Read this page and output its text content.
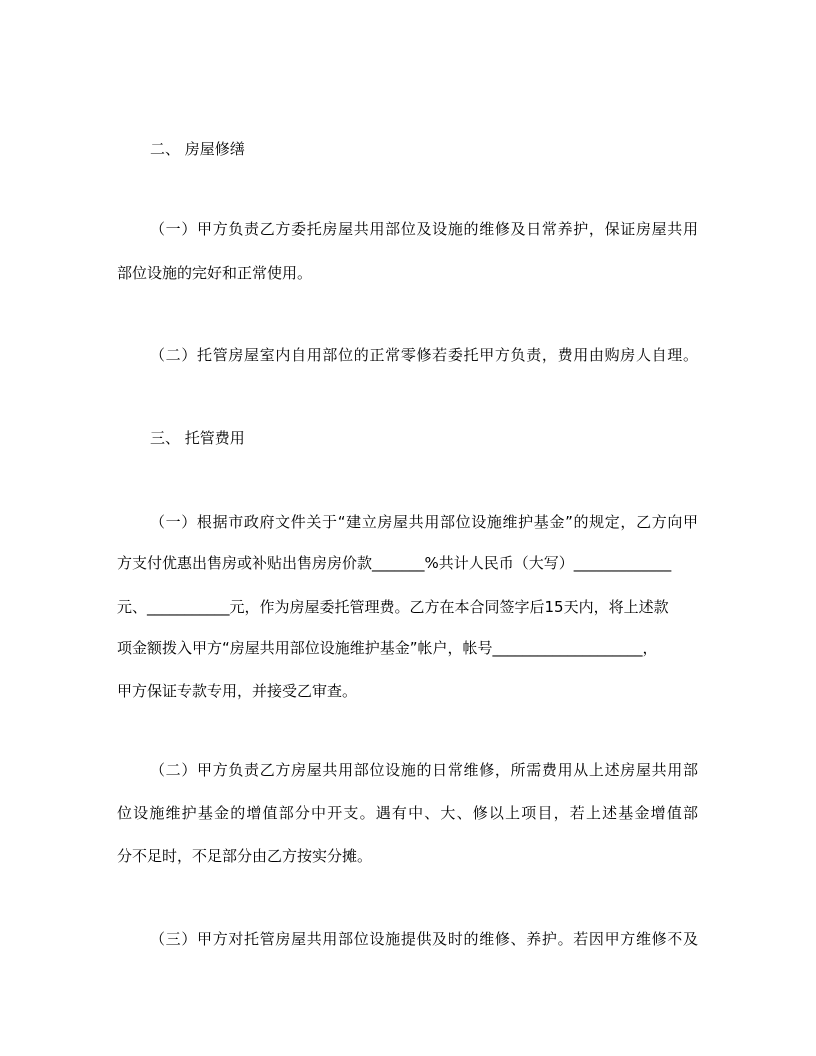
二、 房屋修缮
（一）甲方负责乙方委托房屋共用部位及设施的维修及日常养护，保证房屋共用
部位设施的完好和正常使用。
（二）托管房屋室内自用部位的正常零修若委托甲方负责，费用由购房人自理。
三、 托管费用
（一）根据市政府文件关于“建立房屋共用部位设施维护基金”的规定，乙方向甲
方支付优惠出售房或补贴出售房房价款_______%共计人民币（大写）_____________
元、___________元，作为房屋委托管理费。乙方在本合同签字后15天内，将上述款
项金额拨入甲方“房屋共用部位设施维护基金”帐户，帐号____________________，
甲方保证专款专用，并接受乙审查。
（二）甲方负责乙方房屋共用部位设施的日常维修，所需费用从上述房屋共用部
位设施维护基金的增值部分中开支。遇有中、大、修以上项目，若上述基金增值部
分不足时，不足部分由乙方按实分摊。
（三）甲方对托管房屋共用部位设施提供及时的维修、养护。若因甲方维修不及
